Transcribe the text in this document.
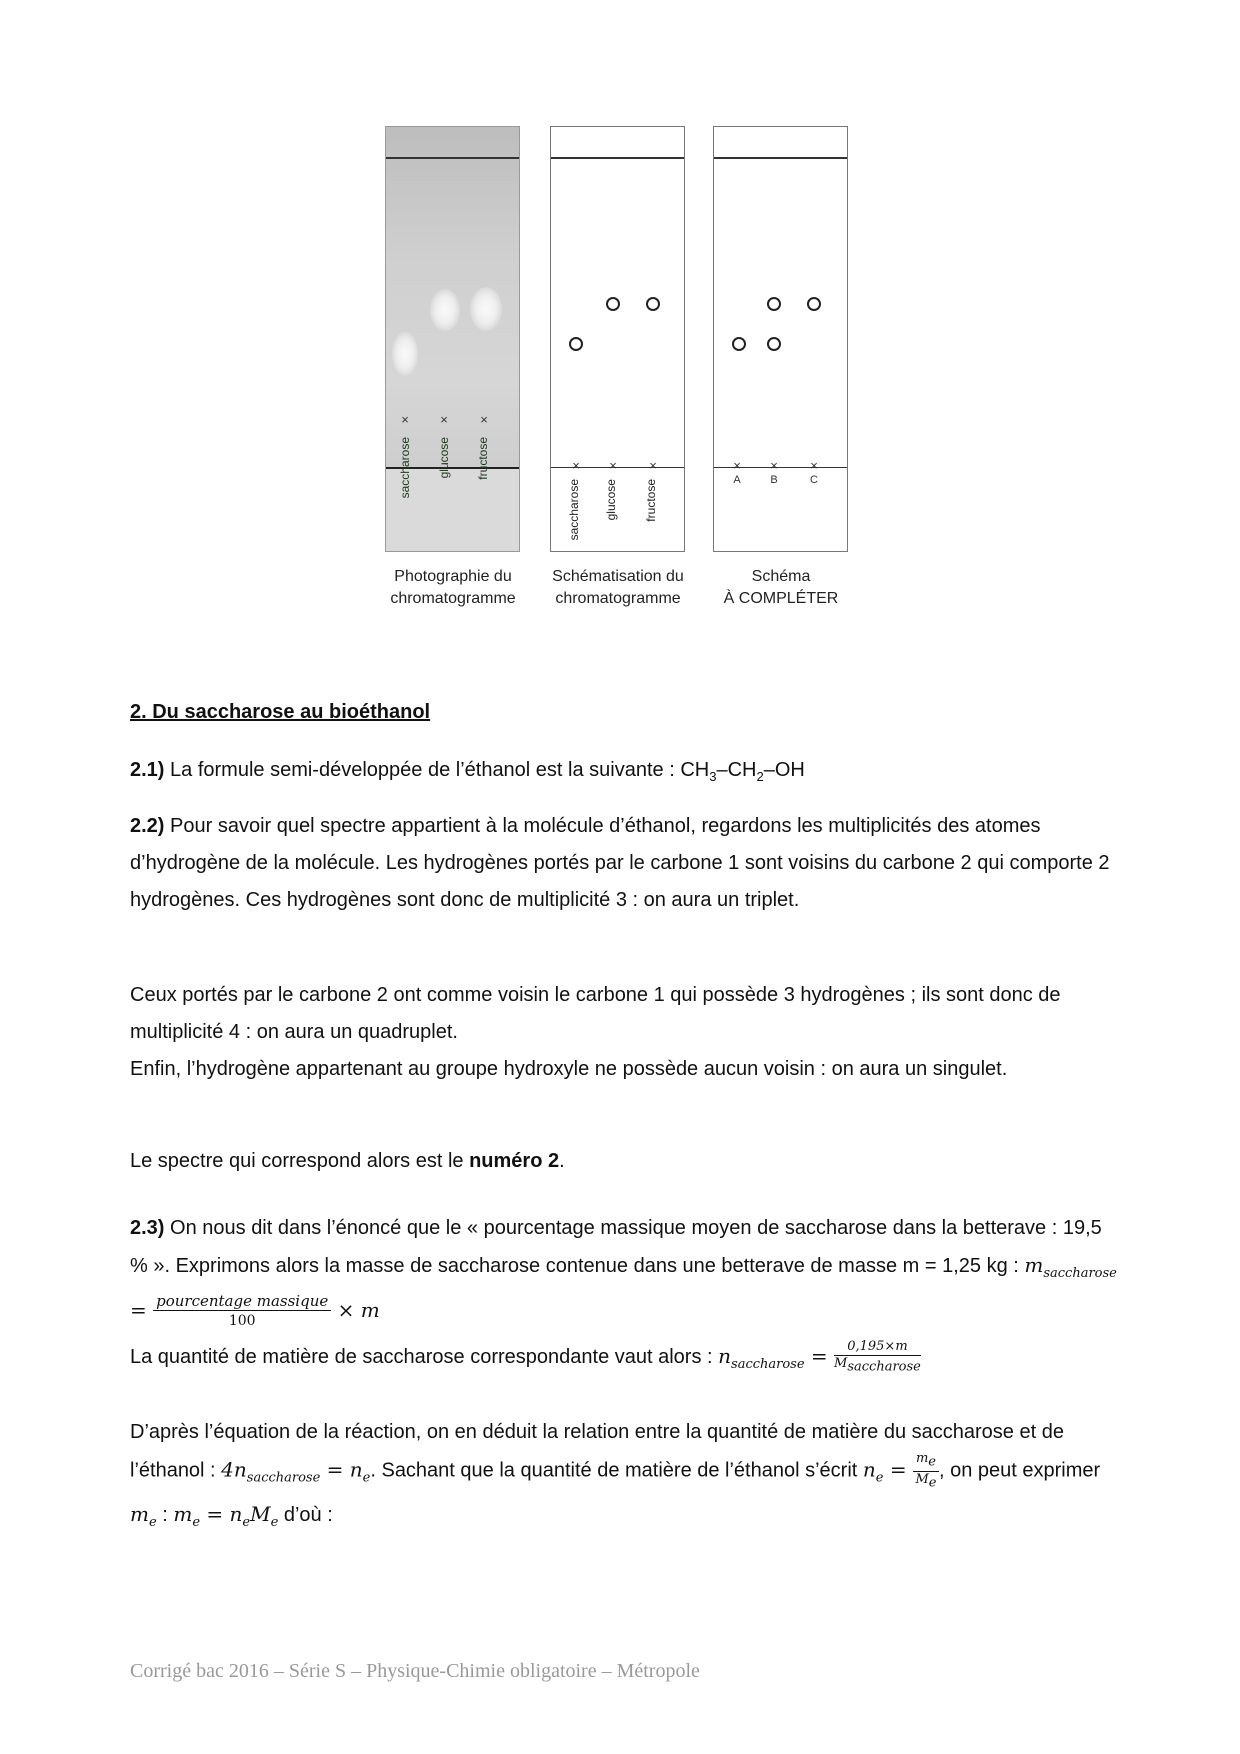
× × ×
saccharose glucose fructose	× × ×
saccharose glucose fructose
× × ×
A	B	C
Photographie du
chromatogramme
Schématisation du
chromatogramme
Schéma
À COMPLÉTER
2. Du saccharose au bioéthanol
2.1) La formule semi-développée de l’éthanol est la suivante : $CH_3-CH_2-OH$
2.2) Pour savoir quel spectre appartient à la molécule d’éthanol, regardons les multiplicités des atomes d’hydrogène de la molécule. Les hydrogènes portés par le carbone 1 sont voisins du carbone 2 qui comporte 2 hydrogènes. Ces hydrogènes sont donc de multiplicité 3 : on aura un triplet.

Ceux portés par le carbone 2 ont comme voisin le carbone 1 qui possède 3 hydrogènes ; ils sont donc de multiplicité 4 : on aura un quadruplet.

Enfin, l’hydrogène appartenant au groupe hydroxyle ne possède aucun voisin : on aura un singulet.

Le spectre qui correspond alors est le numéro 2.
2.3) On nous dit dans l’énoncé que le « pourcentage massique moyen de saccharose dans la betterave : 19,5 % ». Exprimons alors la masse de saccharose contenue dans une betterave de masse m = 1,25 kg : $m_{saccharose} = \frac{\text{pourcentage massique}}{100} \times m$
La quantité de matière de saccharose correspondante vaut alors : $n_{saccharose} = \frac{0,195\times m}{M_{saccharose}}$
D’après l’équation de la réaction, on en déduit la relation entre la quantité de matière du saccharose et de l’éthanol : $4n_{saccharose} = n_e$. Sachant que la quantité de matière de l’éthanol s’écrit $n_e = \frac{m_e}{M_e}$ , on peut exprimer $m_e$ : $m_e = n_eM_e$ d’où :
Corrigé bac 2016 – Série S – Physique-Chimie obligatoire – Métropole
